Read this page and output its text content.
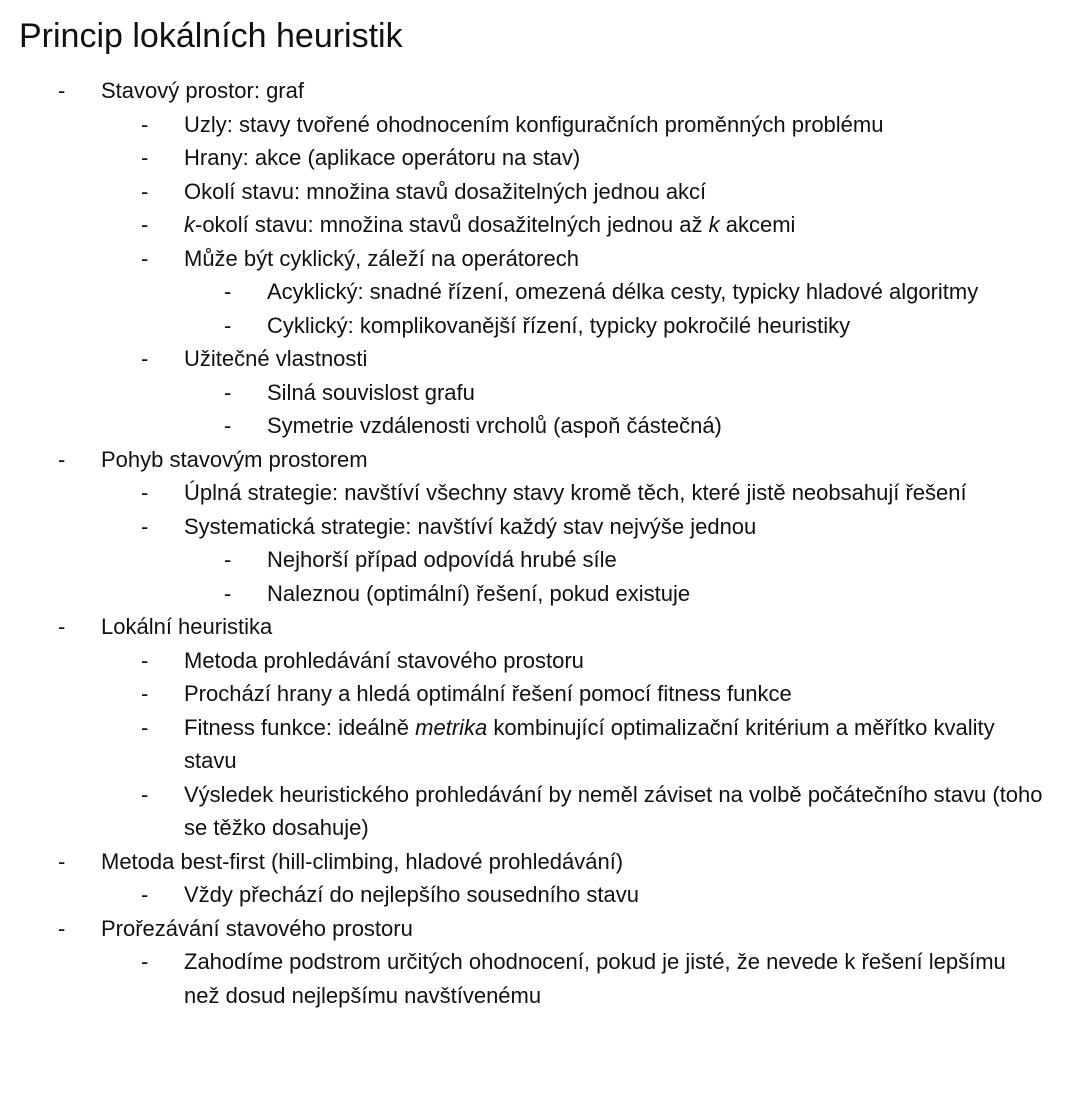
Princip lokálních heuristik
- Stavový prostor: graf
- Uzly: stavy tvořené ohodnocením konfiguračních proměnných problému
- Hrany: akce (aplikace operátoru na stav)
- Okolí stavu: množina stavů dosažitelných jednou akcí
- k-okolí stavu: množina stavů dosažitelných jednou až k akcemi
- Může být cyklický, záleží na operátorech
- Acyklický: snadné řízení, omezená délka cesty, typicky hladové algoritmy
- Cyklický: komplikovanější řízení, typicky pokročilé heuristiky
- Užitečné vlastnosti
- Silná souvislost grafu
- Symetrie vzdálenosti vrcholů (aspoň částečná)
- Pohyb stavovým prostorem
- Úplná strategie: navštíví všechny stavy kromě těch, které jistě neobsahují řešení
- Systematická strategie: navštíví každý stav nejvýše jednou
- Nejhorší případ odpovídá hrubé síle
- Naleznou (optimální) řešení, pokud existuje
- Lokální heuristika
- Metoda prohledávání stavového prostoru
- Prochází hrany a hledá optimální řešení pomocí fitness funkce
- Fitness funkce: ideálně metrika kombinující optimalizační kritérium a měřítko kvality stavu
- Výsledek heuristického prohledávání by neměl záviset na volbě počátečního stavu (toho se těžko dosahuje)
- Metoda best-first (hill-climbing, hladové prohledávání)
- Vždy přechází do nejlepšího sousedního stavu
- Prořezávání stavového prostoru
- Zahodíme podstrom určitých ohodnocení, pokud je jisté, že nevede k řešení lepšímu než dosud nejlepšímu navštívenému
